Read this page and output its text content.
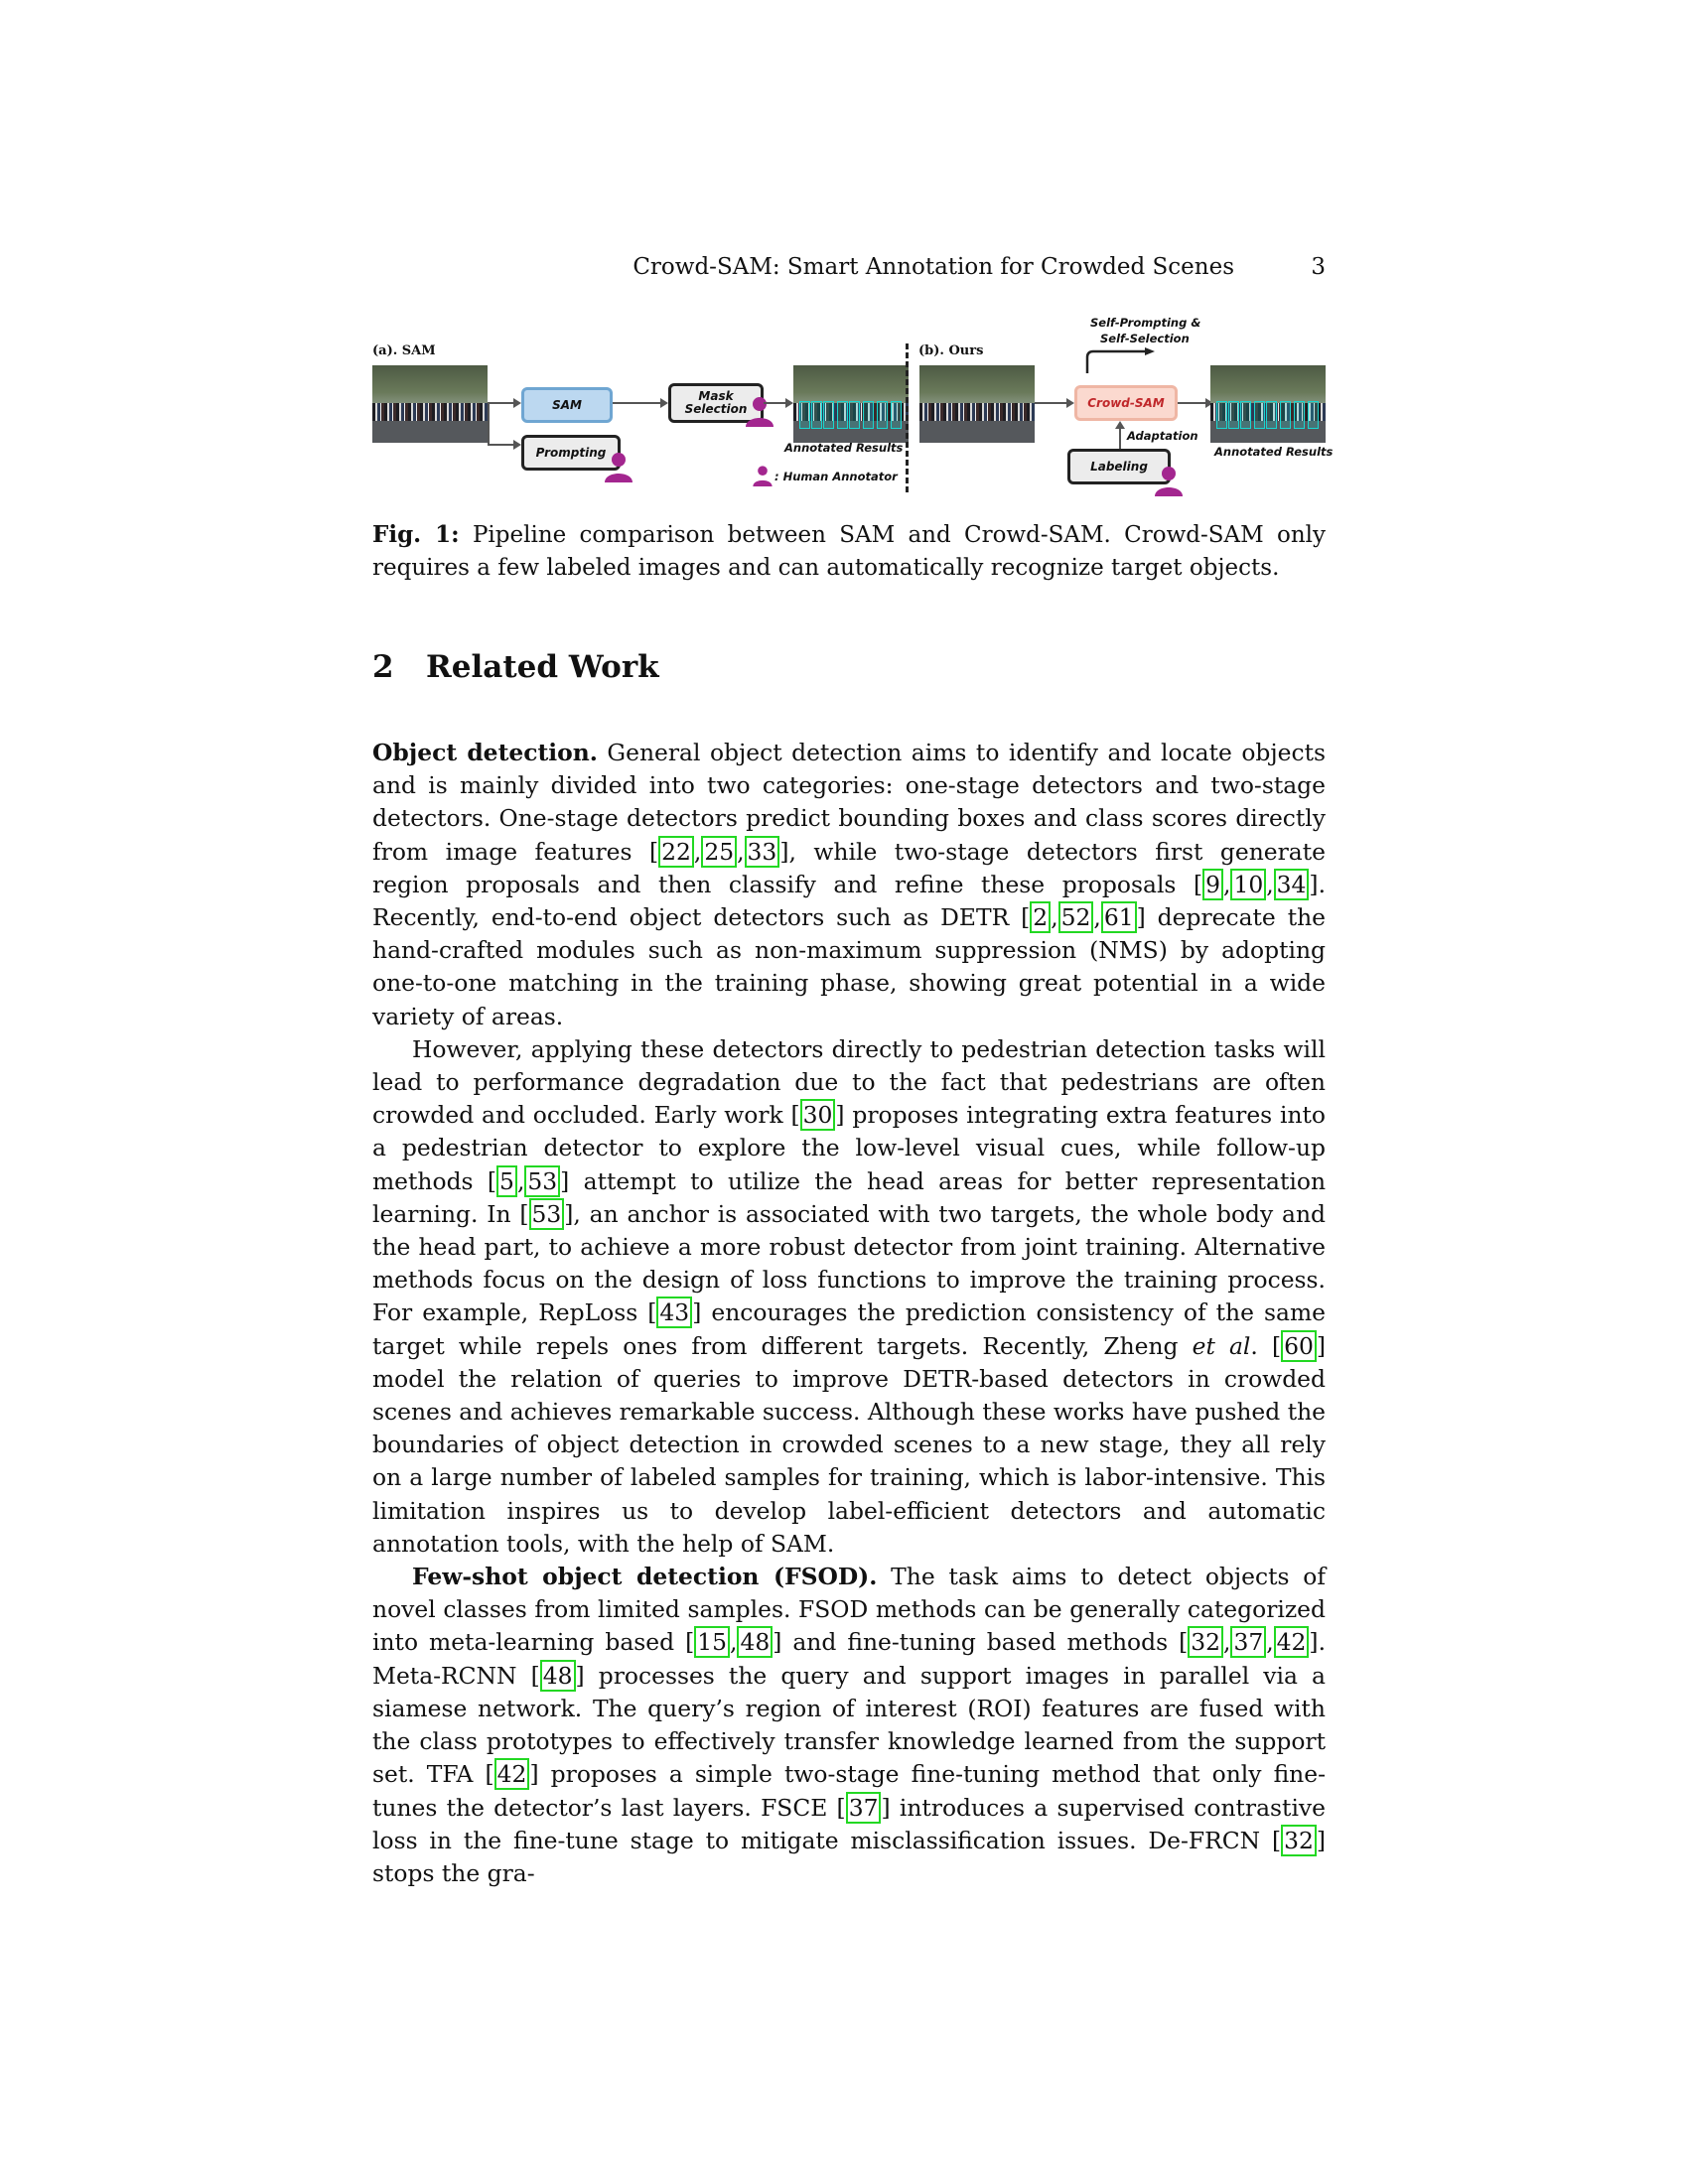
Crowd-SAM: Smart Annotation for Crowded Scenes	3
(a). SAM
SAM
Mask Selection
Annotated Results
Prompting
: Human Annotator
(b). Ours
Self-Prompting &
Self-Selection
Crowd-SAM
Adaptation
Labeling
Annotated Results
Fig. 1: Pipeline comparison between SAM and Crowd-SAM. Crowd-SAM only requires a few labeled images and can automatically recognize target objects.
2 Related Work

Object detection. General object detection aims to identify and locate objects and is mainly divided into two categories: one-stage detectors and two-stage detectors. One-stage detectors predict bounding boxes and class scores directly from image features [ 22 , 25 , 33 ], while two-stage detectors first generate region proposals and then classify and refine these proposals [ 9 , 10 , 34 ]. Recently, end-to-end object detectors such as DETR [ 2 , 52 , 61 ] deprecate the hand-crafted modules such as non-maximum suppression (NMS) by adopting one-to-one matching in the training phase, showing great potential in a wide variety of areas.

However, applying these detectors directly to pedestrian detection tasks will lead to performance degradation due to the fact that pedestrians are often crowded and occluded. Early work [ 30 ] proposes integrating extra features into a pedestrian detector to explore the low-level visual cues, while follow-up methods [ 5 , 53 ] attempt to utilize the head areas for better representation learning. In [ 53 ], an anchor is associated with two targets, the whole body and the head part, to achieve a more robust detector from joint training. Alternative methods focus on the design of loss functions to improve the training process. For example, RepLoss [ 43 ] encourages the prediction consistency of the same target while repels ones from different targets. Recently, Zheng et al. [ 60 ] model the relation of queries to improve DETR-based detectors in crowded scenes and achieves remarkable success. Although these works have pushed the boundaries of object detection in crowded scenes to a new stage, they all rely on a large number of labeled samples for training, which is labor-intensive. This limitation inspires us to develop label-efficient detectors and automatic annotation tools, with the help of SAM.

Few-shot object detection (FSOD). The task aims to detect objects of novel classes from limited samples. FSOD methods can be generally categorized into meta-learning based [ 15 , 48 ] and fine-tuning based methods [ 32 , 37 , 42 ]. Meta-RCNN [ 48 ] processes the query and support images in parallel via a siamese network. The query’s region of interest (ROI) features are fused with the class prototypes to effectively transfer knowledge learned from the support set. TFA [ 42 ] proposes a simple two-stage fine-tuning method that only fine-tunes the detector’s last layers. FSCE [ 37 ] introduces a supervised contrastive loss in the fine-tune stage to mitigate misclassification issues. De-FRCN [ 32 ] stops the gra-
